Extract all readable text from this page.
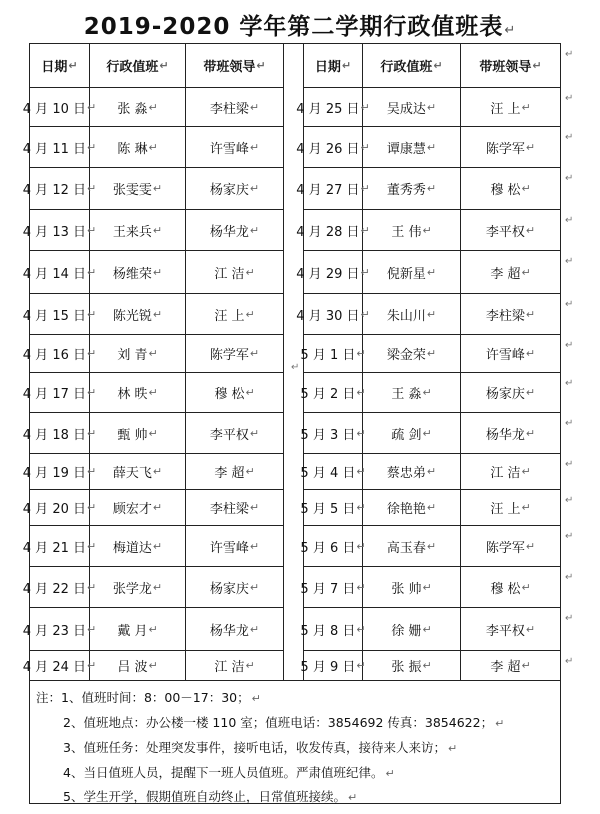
2019-2020 学年第二学期行政值班表↵
日期 ↵ 行政值班 ↵	带班领导 ↵	日期 ↵ 行政值班 ↵	带班领导 ↵
4 月 10 日 ↵ 张 淼 ↵	李柱梁 ↵
4 月 11 日 ↵ 陈 琳 ↵	许雪峰 ↵
4 月 12 日 ↵ 张雯雯 ↵	杨家庆 ↵
4 月 13 日 ↵ 王来兵 ↵	杨华龙 ↵
4 月 14 日 ↵ 杨维荣 ↵	江 洁 ↵
4 月 15 日 ↵ 陈光锐 ↵	汪 上 ↵
4 月 16 日 ↵ 刘 青 ↵	陈学军 ↵
4 月 17 日 ↵ 林 昳 ↵	穆 松 ↵
4 月 18 日 ↵ 甄 帅 ↵	李平权 ↵
4 月 19 日 ↵ 薛天飞 ↵	李 超 ↵
4 月 20 日 ↵ 顾宏才 ↵	李柱梁 ↵
4 月 21 日 ↵ 梅道达 ↵	许雪峰 ↵
4 月 22 日 ↵ 张学龙 ↵	杨家庆 ↵
4 月 23 日 ↵ 戴 月 ↵	杨华龙 ↵
4 月 24 日 ↵ 吕 波 ↵	江 洁 ↵
4 月 25 日 ↵ 吴成达 ↵	汪 上 ↵
4 月 26 日 ↵ 谭康慧 ↵	陈学军 ↵
4 月 27 日 ↵ 董秀秀 ↵	穆 松 ↵
4 月 28 日 ↵ 王 伟 ↵	李平权 ↵
4 月 29 日 ↵ 倪新星 ↵	李 超 ↵
4 月 30 日 ↵ 朱山川 ↵	李柱梁 ↵
5 月 1 日 ↵ 梁金荣 ↵	许雪峰 ↵
5 月 2 日 ↵ 王 淼 ↵	杨家庆 ↵
5 月 3 日 ↵ 疏 剑 ↵	杨华龙 ↵
5 月 4 日 ↵ 蔡忠弟 ↵	江 洁 ↵
5 月 5 日 ↵ 徐艳艳 ↵	汪 上 ↵
5 月 6 日 ↵ 高玉春 ↵	陈学军 ↵
5 月 7 日 ↵ 张 帅 ↵	穆 松 ↵
5 月 8 日 ↵ 徐 姗 ↵	李平权 ↵
5 月 9 日 ↵ 张 振 ↵	李 超 ↵
↵
↵
↵
↵
↵
↵
↵
↵
↵
↵
↵
↵
↵
↵
↵
↵
↵
注：1、值班时间：8：00－17：30； ↵
2、值班地点：办公楼一楼 110 室；值班电话：3854692 传真：3854622； ↵
3、值班任务：处理突发事件，接听电话，收发传真，接待来人来访； ↵
4、当日值班人员，提醒下一班人员值班。严肃值班纪律。 ↵
5、学生开学，假期值班自动终止，日常值班接续。 ↵
